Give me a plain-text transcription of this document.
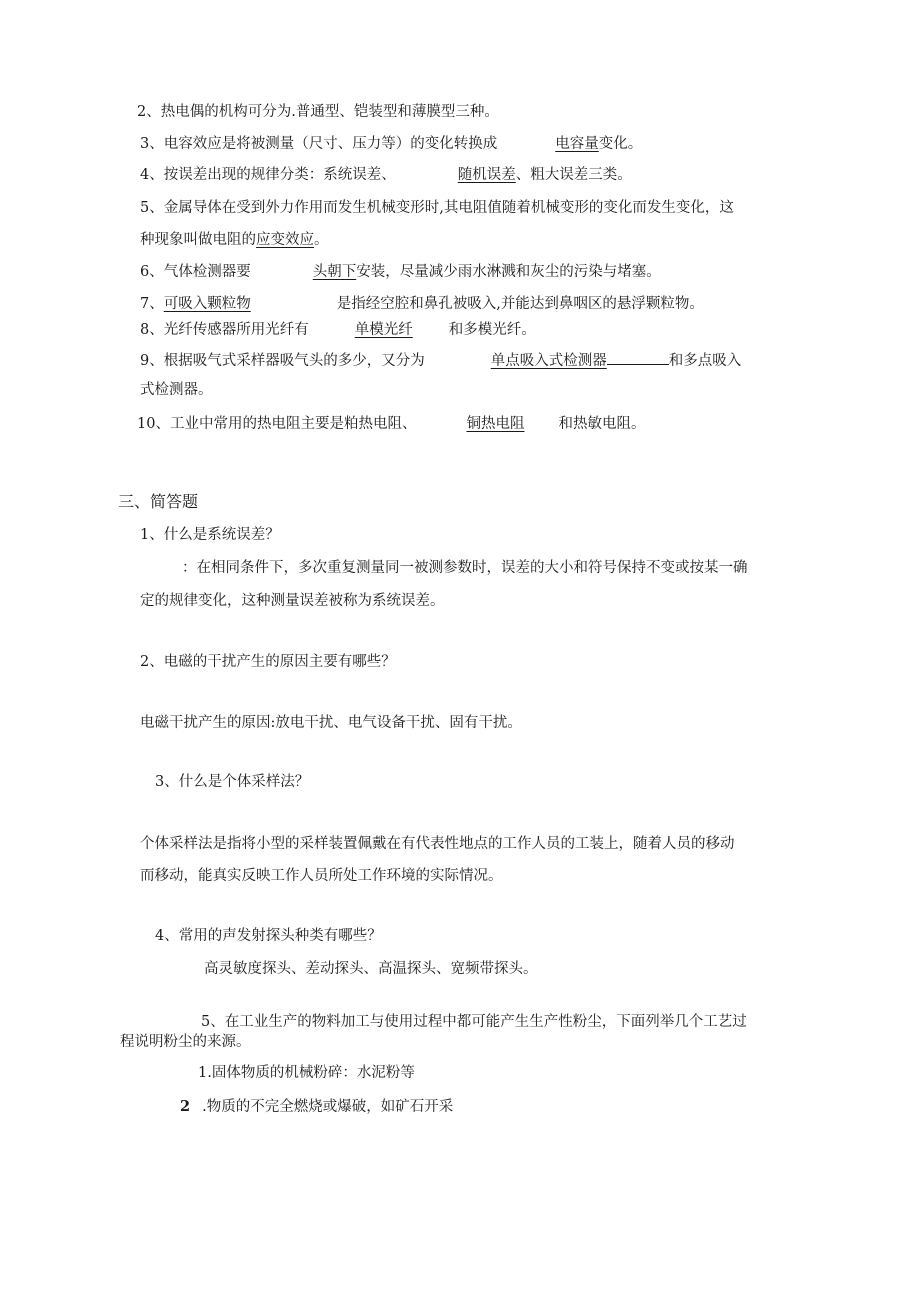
2、热电偶的机构可分为.普通型、铠装型和薄膜型三种。
3、电容效应是将被测量（尺寸、压力等）的变化转换成	电容量变化。
4、按误差出现的规律分类：系统误差、	随机误差、粗大误差三类。
5、金属导体在受到外力作用而发生机械变形时,其电阻值随着机械变形的变化而发生变化，这
种现象叫做电阻的应变效应。
6、气体检测器要	头朝下安装，尽量减少雨水淋溅和灰尘的污染与堵塞。
7、可吸入颗粒物	是指经空腔和鼻孔被吸入,并能达到鼻咽区的悬浮颗粒物。
8、光纤传感器所用光纤有	单模光纤 和多模光纤。
9、根据吸气式采样器吸气头的多少，又分为	单点吸入式检测器	和多点吸入
式检测器。
10、工业中常用的热电阻主要是粕热电阻、	铜热电阻 和热敏电阻。
三、简答题
1、什么是系统误差？
：在相同条件下，多次重复测量同一被测参数时，误差的大小和符号保持不变或按某一确
定的规律变化，这种测量误差被称为系统误差。
2、电磁的干扰产生的原因主要有哪些？
电磁干扰产生的原因:放电干扰、电气设备干扰、固有干扰。
3、什么是个体采样法？
个体采样法是指将小型的采样装置佩戴在有代表性地点的工作人员的工装上，随着人员的移动
而移动，能真实反映工作人员所处工作环境的实际情况。
4、常用的声发射探头种类有哪些？
高灵敏度探头、差动探头、高温探头、宽频带探头。
5、在工业生产的物料加工与使用过程中都可能产生生产性粉尘，下面列举几个工艺过
程说明粉尘的来源。
1.固体物质的机械粉碎：水泥粉等
2 .物质的不完全燃烧或爆破，如矿石开采
